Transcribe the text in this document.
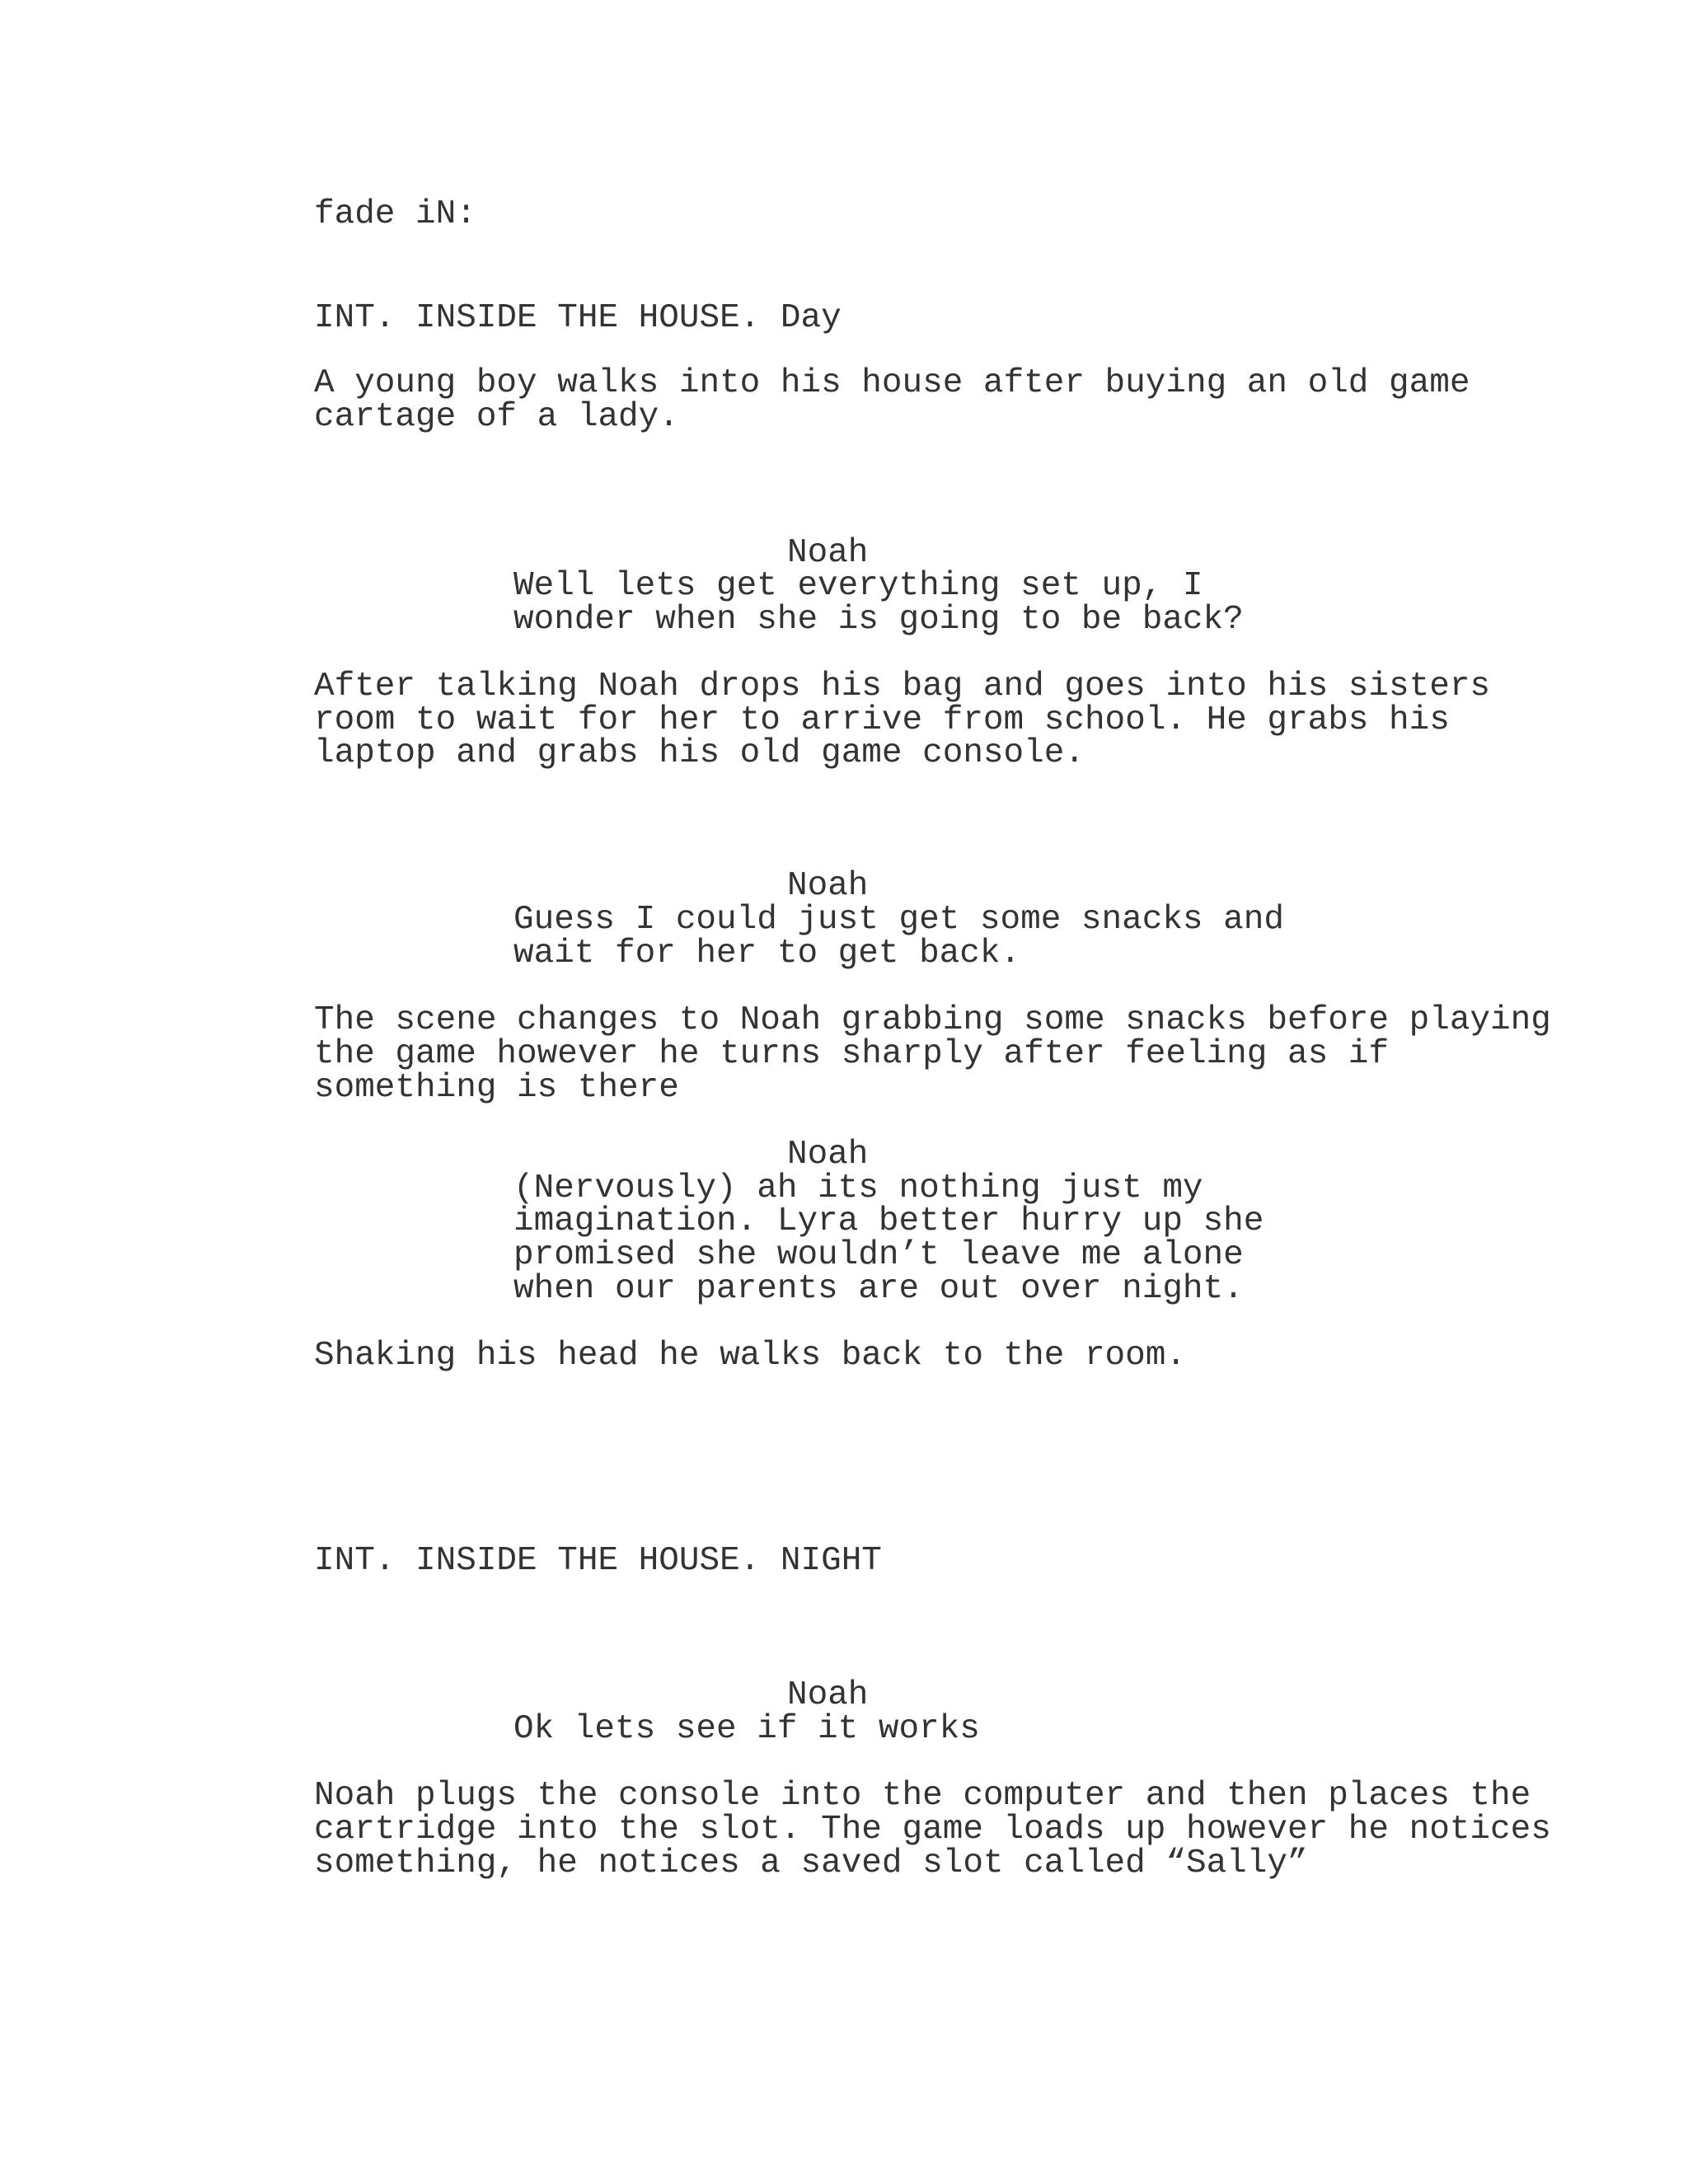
fade iN:
INT. INSIDE THE HOUSE. Day
A young boy walks into his house after buying an old game
cartage of a lady.
Noah
Well lets get everything set up, I
wonder when she is going to be back?
After talking Noah drops his bag and goes into his sisters
room to wait for her to arrive from school. He grabs his
laptop and grabs his old game console.
Noah
Guess I could just get some snacks and
wait for her to get back.
The scene changes to Noah grabbing some snacks before playing
the game however he turns sharply after feeling as if
something is there
Noah
(Nervously) ah its nothing just my
imagination. Lyra better hurry up she
promised she wouldn’t leave me alone
when our parents are out over night.
Shaking his head he walks back to the room.
INT. INSIDE THE HOUSE. NIGHT
Noah
Ok lets see if it works
Noah plugs the console into the computer and then places the
cartridge into the slot. The game loads up however he notices
something, he notices a saved slot called “Sally”
